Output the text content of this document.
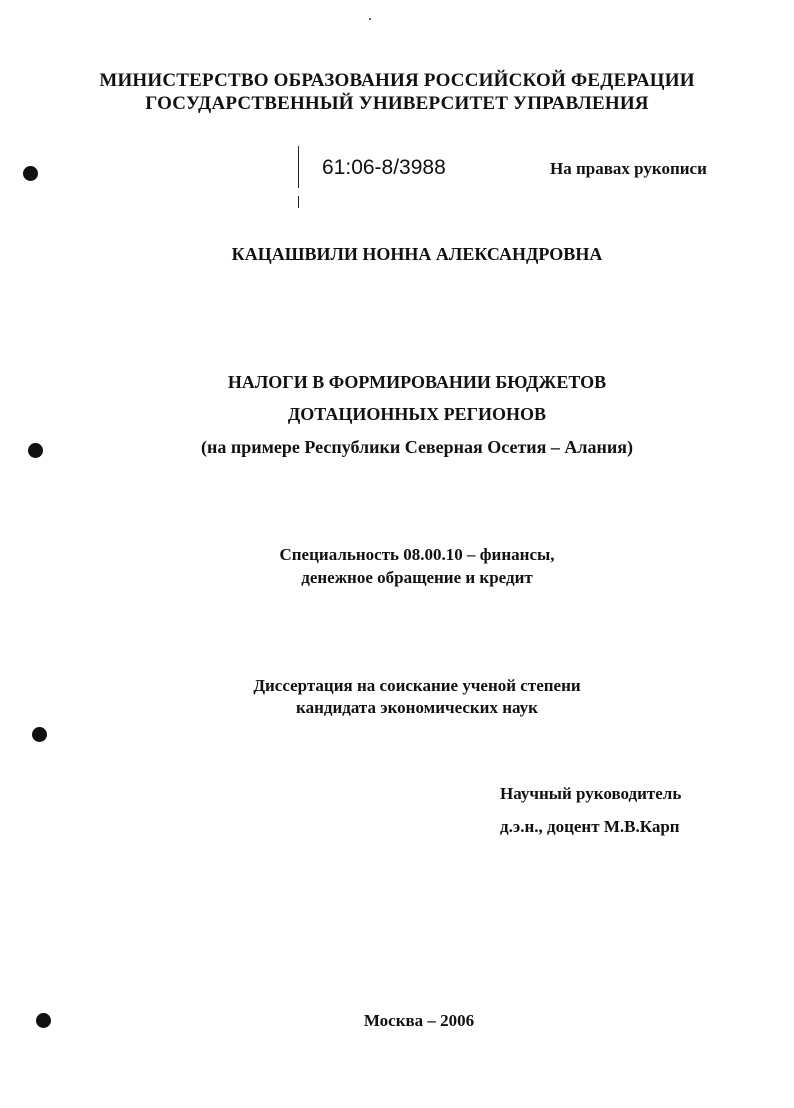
МИНИСТЕРСТВО ОБРАЗОВАНИЯ РОССИЙСКОЙ ФЕДЕРАЦИИ
ГОСУДАРСТВЕННЫЙ УНИВЕРСИТЕТ УПРАВЛЕНИЯ
61:06-8/3988	На правах рукописи
КАЦАШВИЛИ НОННА АЛЕКСАНДРОВНА
НАЛОГИ В ФОРМИРОВАНИИ БЮДЖЕТОВ
ДОТАЦИОННЫХ РЕГИОНОВ
(на примере Республики Северная Осетия – Алания)
Специальность 08.00.10 – финансы,
денежное обращение и кредит
Диссертация на соискание ученой степени
кандидата экономических наук
Научный руководитель
д.э.н., доцент М.В.Карп
Москва – 2006
